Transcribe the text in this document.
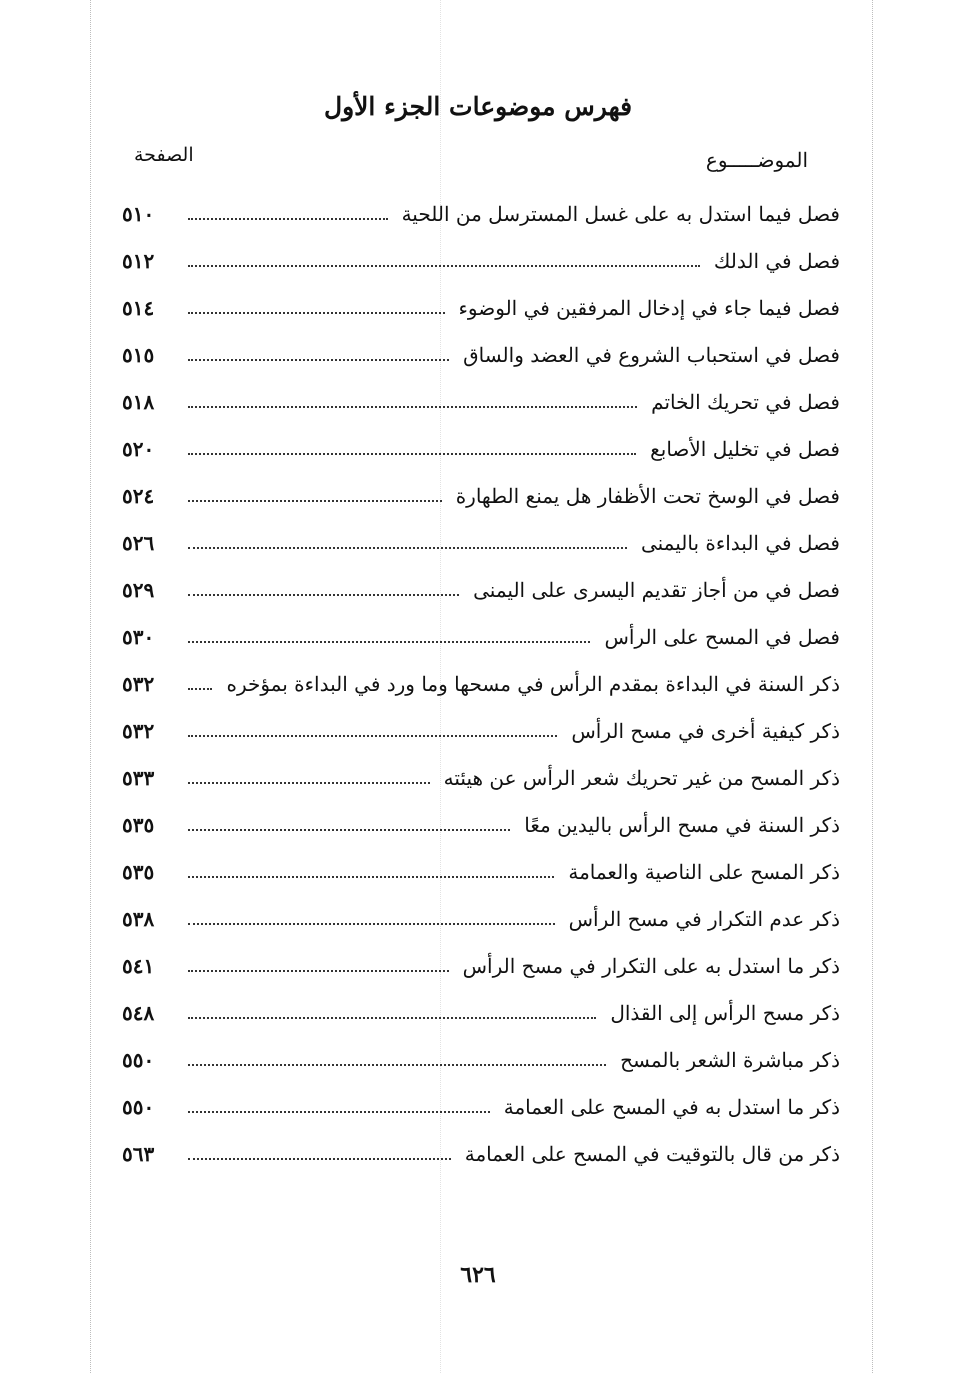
فهرس موضوعات الجزء الأول
الموضـــــوع
الصفحة
فصل فيما استدل به على غسل المسترسل من اللحية
٥١٠
فصل في الدلك
٥١٢
فصل فيما جاء في إدخال المرفقين في الوضوء
٥١٤
فصل في استحباب الشروع في العضد والساق
٥١٥
فصل في تحريك الخاتم
٥١٨
فصل في تخليل الأصابع
٥٢٠
فصل في الوسخ تحت الأظفار هل يمنع الطهارة
٥٢٤
فصل في البداءة باليمنى
٥٢٦
فصل في من أجاز تقديم اليسرى على اليمنى
٥٢٩
فصل في المسح على الرأس
٥٣٠
ذكر السنة في البداءة بمقدم الرأس في مسحها وما ورد في البداءة بمؤخره
٥٣٢
ذكر كيفية أخرى في مسح الرأس
٥٣٢
ذكر المسح من غير تحريك شعر الرأس عن هيئته
٥٣٣
ذكر السنة في مسح الرأس باليدين معًا
٥٣٥
ذكر المسح على الناصية والعمامة
٥٣٥
ذكر عدم التكرار في مسح الرأس
٥٣٨
ذكر ما استدل به على التكرار في مسح الرأس
٥٤١
ذكر مسح الرأس إلى القذال
٥٤٨
ذكر مباشرة الشعر بالمسح
٥٥٠
ذكر ما استدل به في المسح على العمامة
٥٥٠
ذكر من قال بالتوقيت في المسح على العمامة
٥٦٣
٦٢٦
